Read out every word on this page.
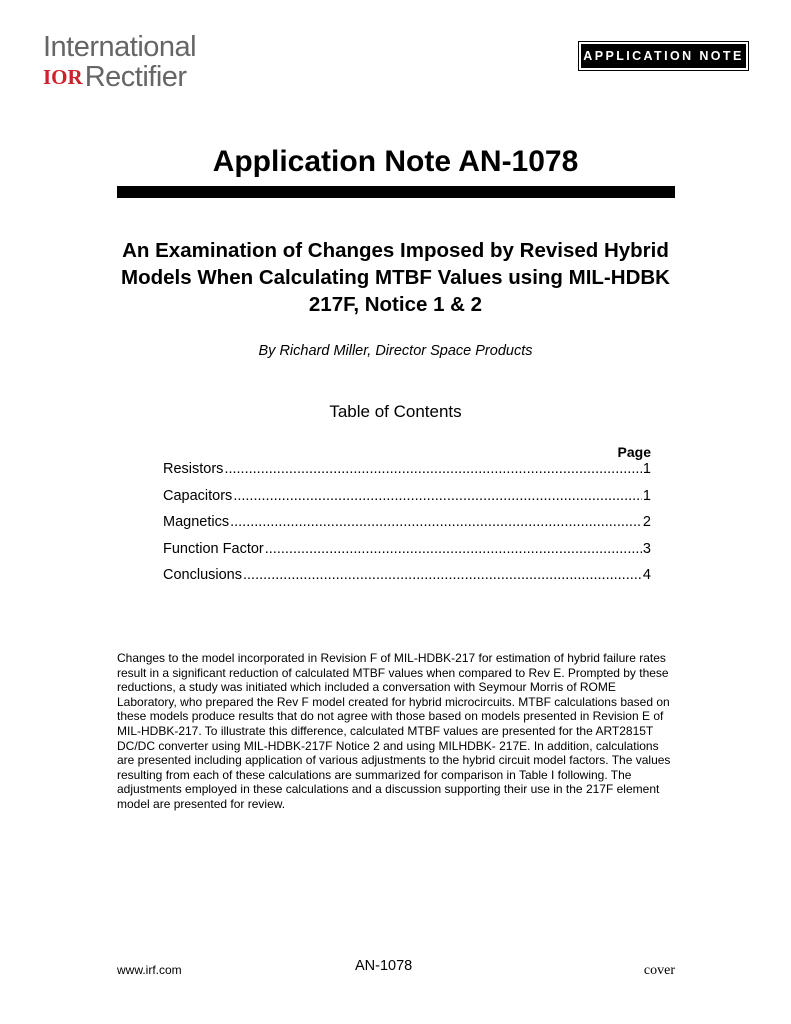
International
IOR Rectifier
APPLICATION NOTE
Application Note AN-1078
An Examination of Changes Imposed by Revised Hybrid Models When Calculating MTBF Values using MIL-HDBK 217F, Notice 1 & 2
By Richard Miller, Director Space Products
Table of Contents
Page
Resistors .....	1
Capacitors .....	1
Magnetics .....	2
Function Factor .....	3
Conclusions .....	4
Changes to the model incorporated in Revision F of MIL-HDBK-217 for estimation of hybrid failure rates result in a significant reduction of calculated MTBF values when compared to Rev E. Prompted by these reductions, a study was initiated which included a conversation with Seymour Morris of ROME Laboratory, who prepared the Rev F model created for hybrid microcircuits. MTBF calculations based on these models produce results that do not agree with those based on models presented in Revision E of MIL-HDBK-217. To illustrate this difference, calculated MTBF values are presented for the ART2815T DC/DC converter using MIL-HDBK-217F Notice 2 and using MILHDBK- 217E. In addition, calculations are presented including application of various adjustments to the hybrid circuit model factors. The values resulting from each of these calculations are summarized for comparison in Table I following. The adjustments employed in these calculations and a discussion supporting their use in the 217F element model are presented for review.
www.irf.com	AN-1078	cover
